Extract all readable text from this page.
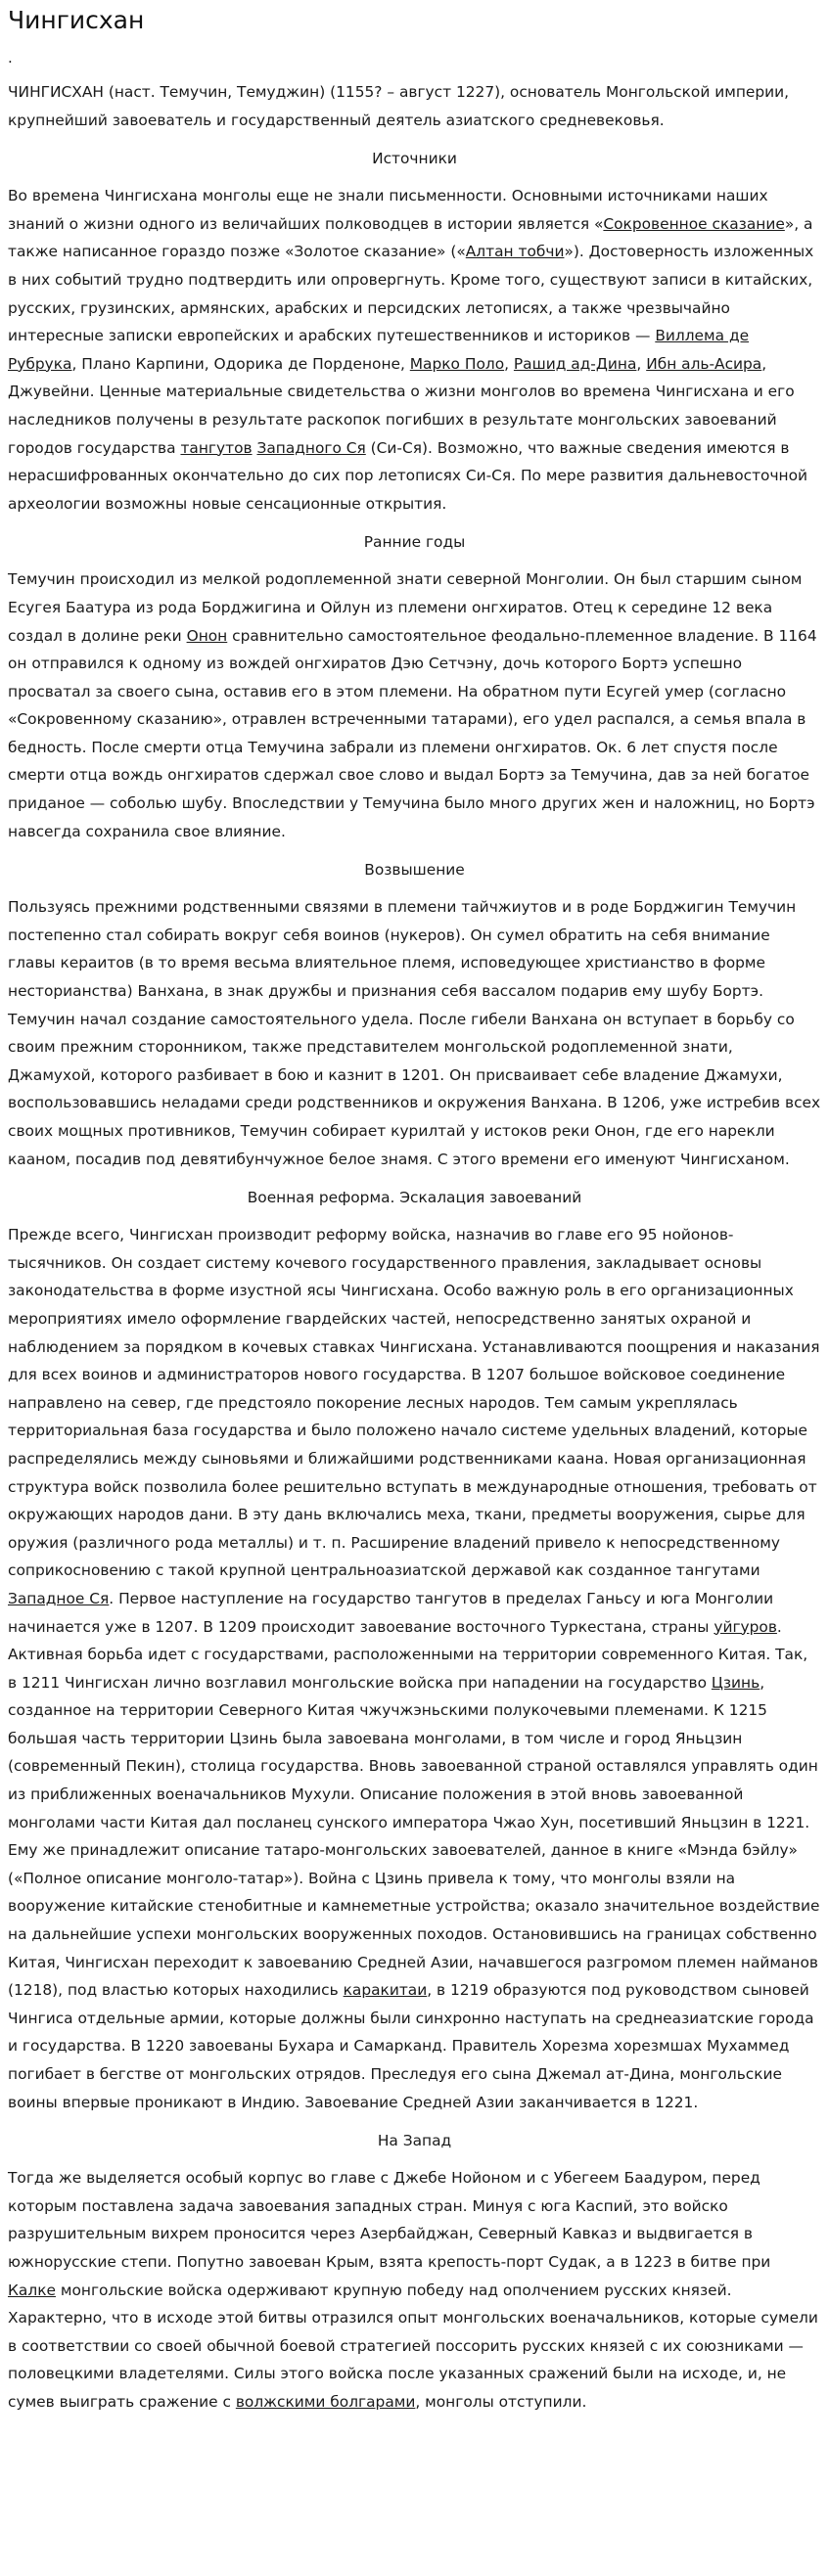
Чингисхан
.

ЧИНГИСХАН (наст. Темучин, Темуджин) (1155? – август 1227), основатель Монгольской империи, крупнейший завоеватель и государственный деятель азиатского средневековья.

Источники

Во времена Чингисхана монголы еще не знали письменности. Основными источниками наших знаний о жизни одного из величайших полководцев в истории является «Сокровенное сказание», а также написанное гораздо позже «Золотое сказание» («Алтан тобчи»). Достоверность изложенных в них событий трудно подтвердить или опровергнуть. Кроме того, существуют записи в китайских, русских, грузинских, армянских, арабских и персидских летописях, а также чрезвычайно интересные записки европейских и арабских путешественников и историков — Виллема де Рубрука, Плано Карпини, Одорика де Порденоне, Марко Поло, Рашид ад-Дина, Ибн аль-Асира, Джувейни. Ценные материальные свидетельства о жизни монголов во времена Чингисхана и его наследников получены в результате раскопок погибших в результате монгольских завоеваний городов государства тангутов Западного Ся (Си-Ся). Возможно, что важные сведения имеются в нерасшифрованных окончательно до сих пор летописях Си-Ся. По мере развития дальневосточной археологии возможны новые сенсационные открытия.

Ранние годы

Темучин происходил из мелкой родоплеменной знати северной Монголии. Он был старшим сыном Есугея Баатура из рода Борджигина и Ойлун из племени онгхиратов. Отец к середине 12 века создал в долине реки Онон сравнительно самостоятельное феодально-племенное владение. В 1164 он отправился к одному из вождей онгхиратов Дэю Сетчэну, дочь которого Бортэ успешно просватал за своего сына, оставив его в этом племени. На обратном пути Есугей умер (согласно «Сокровенному сказанию», отравлен встреченными татарами), его удел распался, а семья впала в бедность. После смерти отца Темучина забрали из племени онгхиратов. Ок. 6 лет спустя после смерти отца вождь онгхиратов сдержал свое слово и выдал Бортэ за Темучина, дав за ней богатое приданое — соболью шубу. Впоследствии у Темучина было много других жен и наложниц, но Бортэ навсегда сохранила свое влияние.

Возвышение

Пользуясь прежними родственными связями в племени тайчжиутов и в роде Борджигин Темучин постепенно стал собирать вокруг себя воинов (нукеров). Он сумел обратить на себя внимание главы кераитов (в то время весьма влиятельное племя, исповедующее христианство в форме несторианства) Ванхана, в знак дружбы и признания себя вассалом подарив ему шубу Бортэ. Темучин начал создание самостоятельного удела. После гибели Ванхана он вступает в борьбу со своим прежним сторонником, также представителем монгольской родоплеменной знати, Джамухой, которого разбивает в бою и казнит в 1201. Он присваивает себе владение Джамухи, воспользовавшись неладами среди родственников и окружения Ванхана. В 1206, уже истребив всех своих мощных противников, Темучин собирает курилтай у истоков реки Онон, где его нарекли кааном, посадив под девятибунчужное белое знамя. С этого времени его именуют Чингисханом.

Военная реформа. Эскалация завоеваний

Прежде всего, Чингисхан производит реформу войска, назначив во главе его 95 нойонов-тысячников. Он создает систему кочевого государственного правления, закладывает основы законодательства в форме изустной ясы Чингисхана. Особо важную роль в его организационных мероприятиях имело оформление гвардейских частей, непосредственно занятых охраной и наблюдением за порядком в кочевых ставках Чингисхана. Устанавливаются поощрения и наказания для всех воинов и администраторов нового государства. В 1207 большое войсковое соединение направлено на север, где предстояло покорение лесных народов. Тем самым укреплялась территориальная база государства и было положено начало системе удельных владений, которые распределялись между сыновьями и ближайшими родственниками каана. Новая организационная структура войск позволила более решительно вступать в международные отношения, требовать от окружающих народов дани. В эту дань включались меха, ткани, предметы вооружения, сырье для оружия (различного рода металлы) и т. п. Расширение владений привело к непосредственному соприкосновению с такой крупной центральноазиатской державой как созданное тангутами Западное Ся. Первое наступление на государство тангутов в пределах Ганьсу и юга Монголии начинается уже в 1207. В 1209 происходит завоевание восточного Туркестана, страны уйгуров. Активная борьба идет с государствами, расположенными на территории современного Китая. Так, в 1211 Чингисхан лично возглавил монгольские войска при нападении на государство Цзинь, созданное на территории Северного Китая чжучжэньскими полукочевыми племенами. К 1215 большая часть территории Цзинь была завоевана монголами, в том числе и город Яньцзин (современный Пекин), столица государства. Вновь завоеванной страной оставлялся управлять один из приближенных военачальников Мухули. Описание положения в этой вновь завоеванной монголами части Китая дал посланец сунского императора Чжао Хун, посетивший Яньцзин в 1221. Ему же принадлежит описание татаро-монгольских завоевателей, данное в книге «Мэнда бэйлу» («Полное описание монголо-татар»). Война с Цзинь привела к тому, что монголы взяли на вооружение китайские стенобитные и камнеметные устройства; оказало значительное воздействие на дальнейшие успехи монгольских вооруженных походов. Остановившись на границах собственно Китая, Чингисхан переходит к завоеванию Средней Азии, начавшегося разгромом племен найманов (1218), под властью которых находились каракитаи, в 1219 образуются под руководством сыновей Чингиса отдельные армии, которые должны были синхронно наступать на среднеазиатские города и государства. В 1220 завоеваны Бухара и Самарканд. Правитель Хорезма хорезмшах Мухаммед погибает в бегстве от монгольских отрядов. Преследуя его сына Джемал ат-Дина, монгольские воины впервые проникают в Индию. Завоевание Средней Азии заканчивается в 1221.

На Запад

Тогда же выделяется особый корпус во главе с Джебе Нойоном и с Убегеем Баадуром, перед которым поставлена задача завоевания западных стран. Минуя с юга Каспий, это войско разрушительным вихрем проносится через Азербайджан, Северный Кавказ и выдвигается в южнорусские степи. Попутно завоеван Крым, взята крепость-порт Судак, а в 1223 в битве при Калке монгольские войска одерживают крупную победу над ополчением русских князей. Характерно, что в исходе этой битвы отразился опыт монгольских военачальников, которые сумели в соответствии со своей обычной боевой стратегией поссорить русских князей с их союзниками — половецкими владетелями. Силы этого войска после указанных сражений были на исходе, и, не сумев выиграть сражение с волжскими болгарами, монголы отступили.
